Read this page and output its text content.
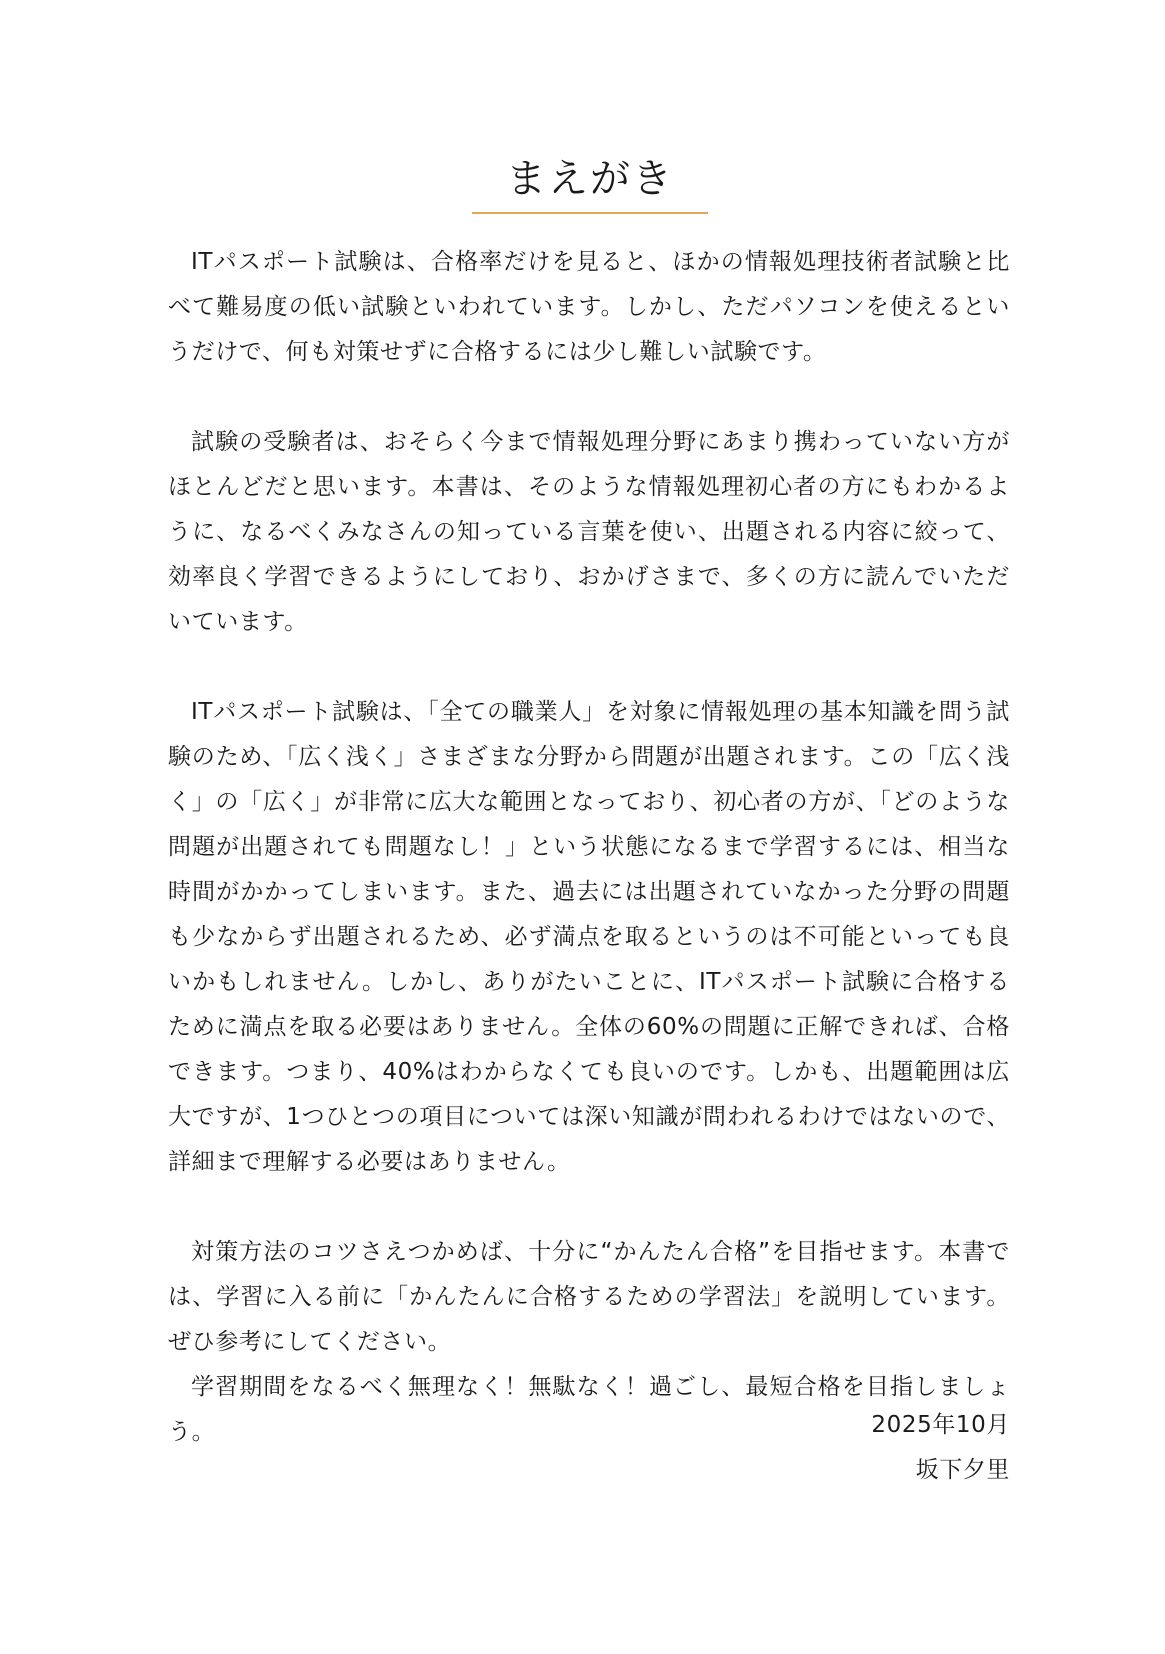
まえがき

ITパスポート試験は、合格率だけを見ると、ほかの情報処理技術者試験と比べて難易度の低い試験といわれています。しかし、ただパソコンを使えるというだけで、何も対策せずに合格するには少し難しい試験です。

試験の受験者は、おそらく今まで情報処理分野にあまり携わっていない方がほとんどだと思います。本書は、そのような情報処理初心者の方にもわかるように、なるべくみなさんの知っている言葉を使い、出題される内容に絞って、効率良く学習できるようにしており、おかげさまで、多くの方に読んでいただいています。

ITパスポート試験は、「全ての職業人」を対象に情報処理の基本知識を問う試験のため、「広く浅く」さまざまな分野から問題が出題されます。この「広く浅く」の「広く」が非常に広大な範囲となっており、初心者の方が、「どのような問題が出題されても問題なし！」という状態になるまで学習するには、相当な時間がかかってしまいます。また、過去には出題されていなかった分野の問題も少なからず出題されるため、必ず満点を取るというのは不可能といっても良いかもしれません。しかし、ありがたいことに、ITパスポート試験に合格するために満点を取る必要はありません。全体の60%の問題に正解できれば、合格できます。つまり、40%はわからなくても良いのです。しかも、出題範囲は広大ですが、1つひとつの項目については深い知識が問われるわけではないので、詳細まで理解する必要はありません。

対策方法のコツさえつかめば、十分に“かんたん合格”を目指せます。本書では、学習に入る前に「かんたんに合格するための学習法」を説明しています。ぜひ参考にしてください。

学習期間をなるべく無理なく！無駄なく！過ごし、最短合格を目指しましょう。	2025年10月
坂下夕里
